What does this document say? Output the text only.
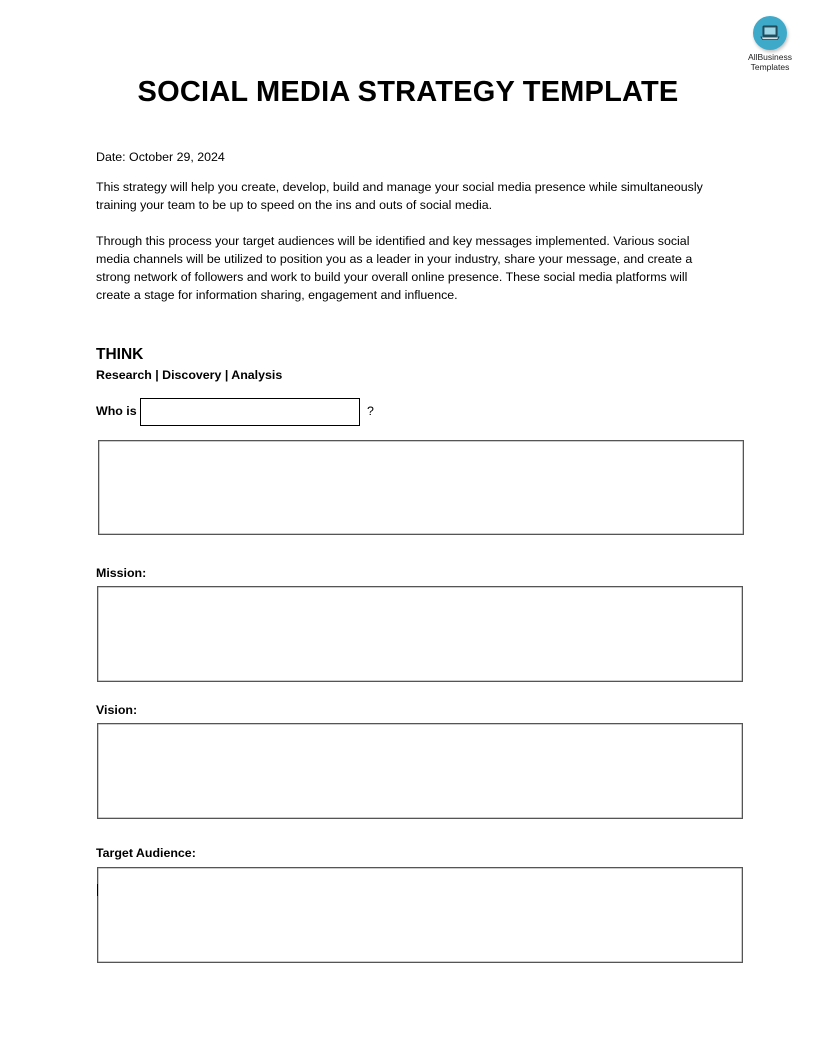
AllBusiness
Templates
SOCIAL MEDIA STRATEGY TEMPLATE
Date: October 29, 2024
This strategy will help you create, develop, build and manage your social media presence while simultaneously training your team to be up to speed on the ins and outs of social media.
Through this process your target audiences will be identified and key messages implemented. Various social media channels will be utilized to position you as a leader in your industry, share your message, and create a strong network of followers and work to build your overall online presence. These social media platforms will create a stage for information sharing, engagement and influence.
THINK
Research | Discovery | Analysis
Who is	?
Mission:
Vision:
Target Audience:
